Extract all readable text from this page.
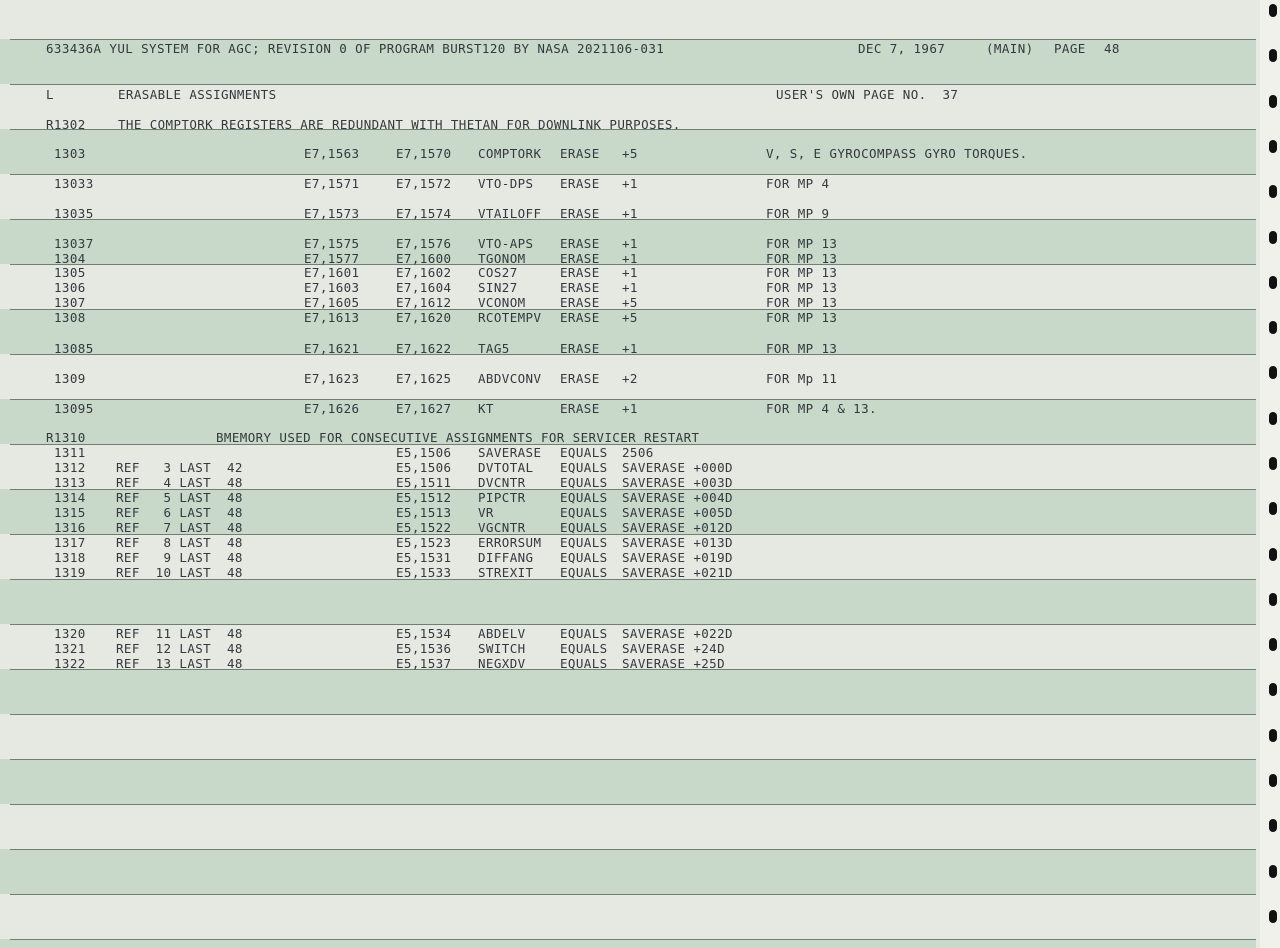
633436A YUL SYSTEM FOR AGC; REVISION 0 OF PROGRAM BURST120 BY NASA 2021106-031

	DEC 7, 1967

	(MAIN)

PAGE

48

L

	ERASABLE ASSIGNMENTS

	USER'S OWN PAGE NO.  37

R1302	THE COMPTORK REGISTERS ARE REDUNDANT WITH THETAN FOR DOWNLINK PURPOSES.
1303	E7,1563	E7,1570 COMPTORK ERASE +5	V, S, E GYROCOMPASS GYRO TORQUES.
13033	E7,1571	E7,1572 VTO-DPS ERASE +1	FOR MP 4
13035	E7,1573	E7,1574 VTAILOFF ERASE +1	FOR MP 9
13037	E7,1575	E7,1576 VTO-APS ERASE +1	FOR MP 13
1304	E7,1577	E7,1600 TGONOM	ERASE +1	FOR MP 13
1305	E7,1601	E7,1602 COS27	ERASE +1	FOR MP 13
1306	E7,1603	E7,1604 SIN27	ERASE +1	FOR MP 13
1307	E7,1605	E7,1612 VCONOM	ERASE +5	FOR MP 13
1308	E7,1613	E7,1620 RCOTEMPV ERASE +5	FOR MP 13
13085	E7,1621	E7,1622 TAG5	ERASE +1	FOR MP 13
1309	E7,1623	E7,1625 ABDVCONV ERASE +2	FOR Mp 11
13095	E7,1626	E7,1627 KT	ERASE +1	FOR MP 4 & 13.
R1310	BMEMORY USED FOR CONSECUTIVE ASSIGNMENTS FOR SERVICER RESTART
1311	E5,1506 SAVERASE EQUALS 2506
1312 REF   3 LAST  42	E5,1506 DVTOTAL EQUALS SAVERASE +000D
1313 REF   4 LAST  48	E5,1511 DVCNTR	EQUALS SAVERASE +003D
1314 REF   5 LAST  48	E5,1512 PIPCTR	EQUALS SAVERASE +004D
1315 REF   6 LAST  48	E5,1513 VR	EQUALS SAVERASE +005D
1316 REF   7 LAST  48	E5,1522 VGCNTR	EQUALS SAVERASE +012D
1317 REF   8 LAST  48	E5,1523 ERRORSUM EQUALS SAVERASE +013D
1318 REF   9 LAST  48	E5,1531 DIFFANG EQUALS SAVERASE +019D
1319 REF  10 LAST  48	E5,1533 STREXIT EQUALS SAVERASE +021D
1320 REF  11 LAST  48	E5,1534 ABDELV	EQUALS SAVERASE +022D
1321 REF  12 LAST  48	E5,1536 SWITCH	EQUALS SAVERASE +24D
1322 REF  13 LAST  48	E5,1537 NEGXDV	EQUALS SAVERASE +25D
